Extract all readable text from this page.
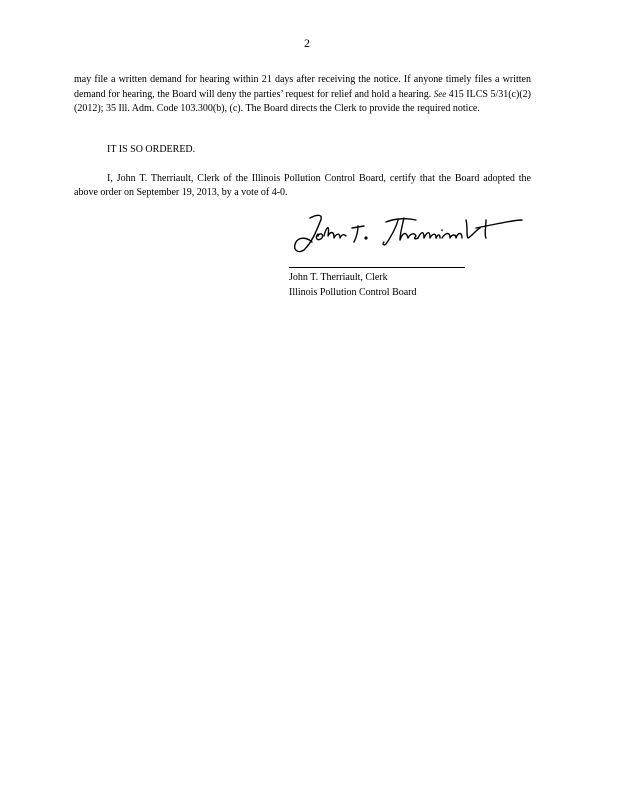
2

may file a written demand for hearing within 21 days after receiving the notice. If anyone timely files a written demand for hearing, the Board will deny the parties’ request for relief and hold a hearing. See 415 ILCS 5/31(c)(2) (2012); 35 Ill. Adm. Code 103.300(b), (c). The Board directs the Clerk to provide the required notice.

IT IS SO ORDERED.

I, John T. Therriault, Clerk of the Illinois Pollution Control Board, certify that the Board adopted the above order on September 19, 2013, by a vote of 4-0.

John T. Therriault, Clerk
Illinois Pollution Control Board
